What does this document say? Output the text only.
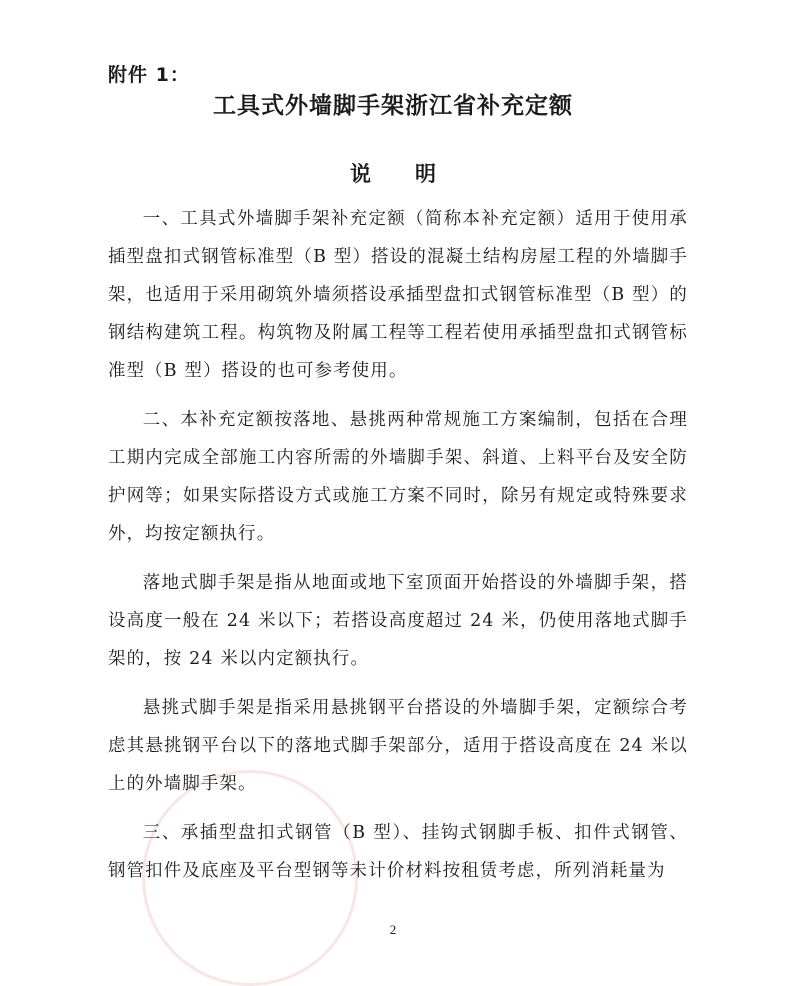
附件 1：

工具式外墙脚手架浙江省补充定额
说明

一、工具式外墙脚手架补充定额（简称本补充定额）适用于使用承插型盘扣式钢管标准型（B 型）搭设的混凝土结构房屋工程的外墙脚手架，也适用于采用砌筑外墙须搭设承插型盘扣式钢管标准型（B 型）的钢结构建筑工程。构筑物及附属工程等工程若使用承插型盘扣式钢管标准型（B 型）搭设的也可参考使用。

二、本补充定额按落地、悬挑两种常规施工方案编制，包括在合理工期内完成全部施工内容所需的外墙脚手架、斜道、上料平台及安全防护网等；如果实际搭设方式或施工方案不同时，除另有规定或特殊要求外，均按定额执行。

落地式脚手架是指从地面或地下室顶面开始搭设的外墙脚手架，搭设高度一般在 24 米以下；若搭设高度超过 24 米，仍使用落地式脚手架的，按 24 米以内定额执行。

悬挑式脚手架是指采用悬挑钢平台搭设的外墙脚手架，定额综合考虑其悬挑钢平台以下的落地式脚手架部分，适用于搭设高度在 24 米以上的外墙脚手架。

三、承插型盘扣式钢管（B 型）、挂钩式钢脚手板、扣件式钢管、钢管扣件及底座及平台型钢等未计价材料按租赁考虑，所列消耗量为

2
